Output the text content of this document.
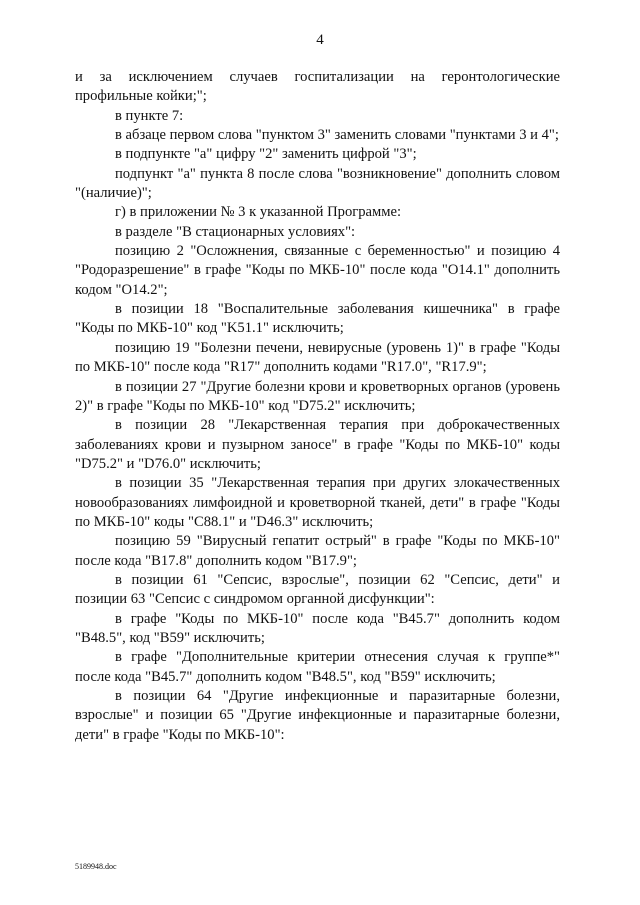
4

и за исключением случаев госпитализации на геронтологические профильные койки;";

в пункте 7:

в абзаце первом слова "пунктом 3" заменить словами "пунктами 3 и 4";

в подпункте "а" цифру "2" заменить цифрой "3";

подпункт "а" пункта 8 после слова "возникновение" дополнить словом "(наличие)";

г) в приложении № 3 к указанной Программе:

в разделе "В стационарных условиях":

позицию 2 "Осложнения, связанные с беременностью" и позицию 4 "Родоразрешение" в графе "Коды по МКБ-10" после кода "O14.1" дополнить кодом "O14.2";

в позиции 18 "Воспалительные заболевания кишечника" в графе "Коды по МКБ-10" код "K51.1" исключить;

позицию 19 "Болезни печени, невирусные (уровень 1)" в графе "Коды по МКБ-10" после кода "R17" дополнить кодами "R17.0", "R17.9";

в позиции 27 "Другие болезни крови и кроветворных органов (уровень 2)" в графе "Коды по МКБ-10" код "D75.2" исключить;

в позиции 28 "Лекарственная терапия при доброкачественных заболеваниях крови и пузырном заносе" в графе "Коды по МКБ-10" коды "D75.2" и "D76.0" исключить;

в позиции 35 "Лекарственная терапия при других злокачественных новообразованиях лимфоидной и кроветворной тканей, дети" в графе "Коды по МКБ-10" коды "C88.1" и "D46.3" исключить;

позицию 59 "Вирусный гепатит острый" в графе "Коды по МКБ-10" после кода "B17.8" дополнить кодом "B17.9";

в позиции 61 "Сепсис, взрослые", позиции 62 "Сепсис, дети" и позиции 63 "Сепсис с синдромом органной дисфункции":

в графе "Коды по МКБ-10" после кода "B45.7" дополнить кодом "B48.5", код "B59" исключить;

в графе "Дополнительные критерии отнесения случая к группе*" после кода "B45.7" дополнить кодом "B48.5", код "B59" исключить;

в позиции 64 "Другие инфекционные и паразитарные болезни, взрослые" и позиции 65 "Другие инфекционные и паразитарные болезни, дети" в графе "Коды по МКБ-10":

5189948.doc
